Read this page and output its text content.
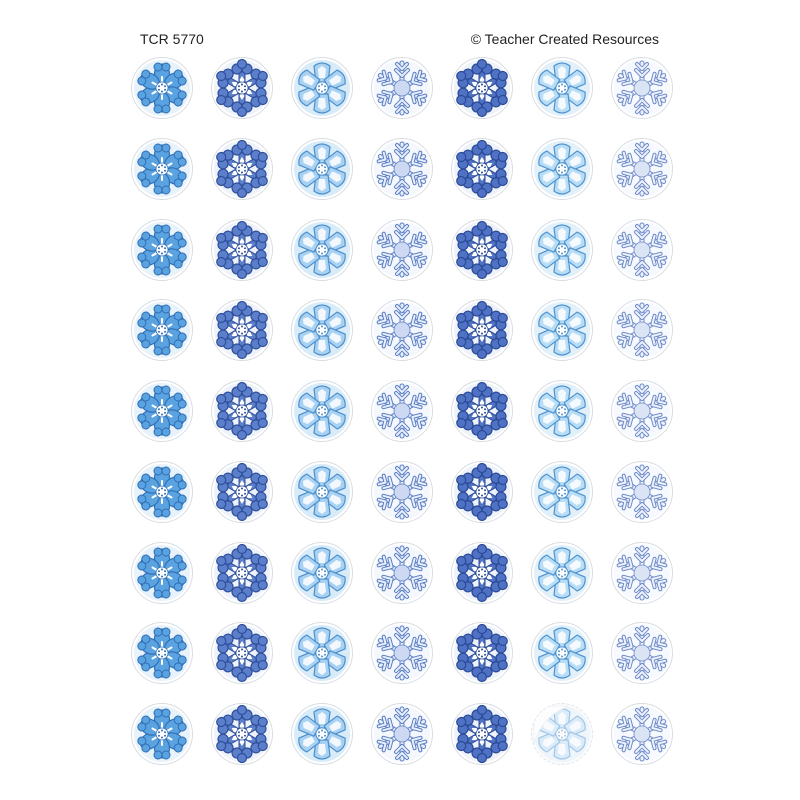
TCR 5770	© Teacher Created Resources
